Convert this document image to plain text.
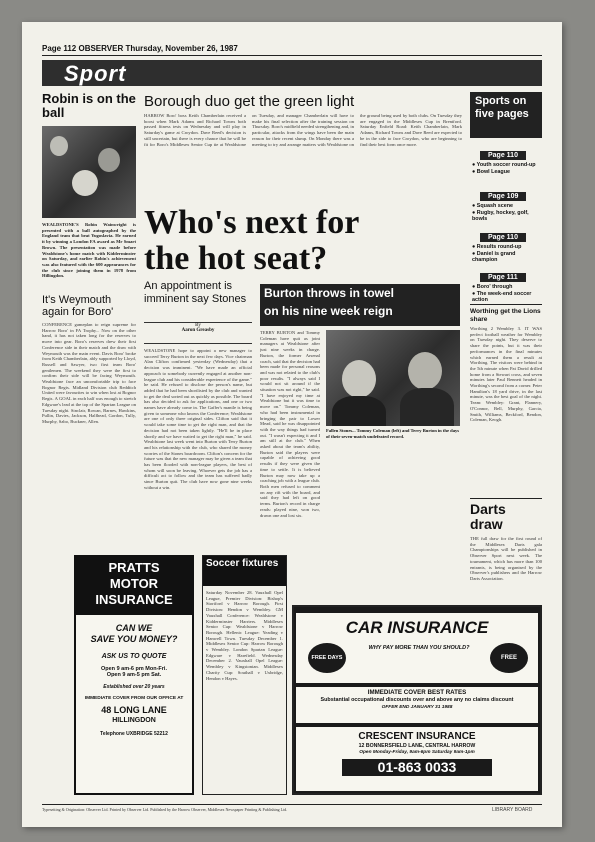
Page 112 OBSERVER Thursday, November 26, 1987
Sport
Robin is on the ball
WEALDSTONE'S Robin Wainwright is presented with a ball autographed by the England team that beat Yugoslavia. He earned it by winning a London FA award as Mr Smart Brown. The presentation was made before Wealdstone's home match with Kidderminster on Saturday, and earlier Robin's achievement was also featured with the 600 appearances for the club since joining them in 1978 from Hillingdon.
It's Weymouth again for Boro'
CONFERENCE gameplan to reign supreme for Harrow Boro' in FA Trophy... Now on the other hand, it has not taken long for the reserves to move into gear. Boro's reserves drew their first Conference side in their match and the draw with Weymouth was the main event. Davis Boro' broke from Keith Chamberlain, ably supported by Lloyd, Russell and Sawyer, two first team Boro' gentlemen. The weekend they were the first to confirm their side will be facing Weymouth. Wealdstone face an uncomfortable trip to face Bognor Regis. Midland Division club Redditch United were favourites to win when lost at Bognor Regis. A GOAL in each half was enough to stretch Edgware's lead at the top of the Spartan League on Tuesday night. Sinclair, Rowan, Barnes, Hawkins, Pullin, Davies, Jackson, Halfhead, Gordon, Tully, Murphy, Sabo, Buckner, Allen.
Borough duo get the green light
HARROW Boro' boss Keith Chamberlain received a boost when Mark Adams and Richard Towns both passed fitness tests on Wednesday and will play in Saturday's game at Croydon. Dave Reed's decision is still uncertain, but there is every chance that he will be fit for Boro's Middlesex Senior Cup tie at Wealdstone on Tuesday, and manager Chamberlain will have to make his final selection after the training session on Thursday. Boro's midfield needed strengthening and, in particular, attacks from the wings have been the main reason for their recent slump. On Monday there was a meeting to try and arrange matters with Wealdstone on the ground being used by both clubs. On Tuesday they are engaged in the Middlesex Cup in Brentford. Saturday Enfield Road: Keith Chamberlain, Mark Adams, Richard Towns and Dave Reed are expected to be in the side to face Croydon, who are beginning to find their best form once more.
Who's next for
the hot seat?
An appointment is imminent say Stones
By
Aaron Greasby
WEALDSTONE hope to appoint a new manager to succeed Terry Burton in the next few days. Vice chairman Alan Clifton confirmed yesterday (Wednesday) that a decision was imminent. "We have made an official approach to somebody currently engaged at another non-league club and his considerable experience of the game." he said. He refused to disclose the person's name, but added that he had been shortlisted by the club and wanted to get the deal sorted out as quickly as possible. The board has also decided to ask for applications, and one or two names have already come in. The Gaffer's mantle is being given to someone who knows the Conference; Wealdstone are one of only three original sides. Clifton said that it would take some time to get the right man, and that the decision had not been taken lightly. "He'll be in place shortly and we have waited to get the right man," he said. Wealdstone last week went into Burton with Terry Burton and his relationship with the club, who shared the money worries of the Stones boardroom. Clifton's concern for the future was that the new manager may be given a team that has been flooded with non-league players, the best of whom will soon be leaving. Whoever gets the job has a difficult act to follow and the team has suffered badly since Burton quit. The club have now gone nine weeks without a win.
Burton throws in towel
on his nine week reign
TERRY BURTON and Tommy Coleman have quit as joint managers at Wealdstone after just nine weeks in charge. Burton, the former Arsenal coach, said that the decision had been made for personal reasons and was not related to the club's poor results. "I always said I would not sit around if the situation was not right," he said. "I have enjoyed my time at Wealdstone but it was time to move on." Tommy Coleman, who had been instrumental in bringing the pair to Lower Mead, said he was disappointed with the way things had turned out. "I wasn't expecting it and I am still at the club." When asked about the team's ability, Burton said the players were capable of achieving good results if they were given the time to settle. It is believed Burton may now take up a coaching job with a league club. Both men refused to comment on any rift with the board, and said they had left on good terms. Burton's record in charge reads: played nine, won two, drawn one and lost six.
Fallen Stones... Tommy Coleman (left) and Terry Burton in the days of their seven-match undefeated record.
Sports on five pages
Page 110
● Youth soccer round-up
● Bowl League
Page 109
● Squash scene
● Rugby, hockey, golf, bowls
Page 110
● Results round-up
● Daniel is grand champion
Page 111
● Boro' through
● The week-end soccer action
Worthing get the Lions share
Worthing 2 Wembley 3. IT WAS perfect football weather for Wembley on Tuesday night. They deserve to share the points, but it was their performances in the final minutes which earned them a result at Worthing. The visitors were behind in the 5th minute when Pat David drilled home from a Stewart cross, and seven minutes later Paul Bennett headed in Worthing's second from a corner. Peter Hamilton's 18 yard drive, in the last minute, was the best goal of the night. Team: Wembley: Grant, Flannery, O'Connor, Bell, Murphy, Garcia, Smith, Williams, Beckford, Bendon, Coleman, Keogh.
Darts draw
THE full draw for the first round of the Middlesex Darts gala Championships will be published in Observer Sport next week. The tournament, which has more than 100 entrants, is being organised by the Observer's publishers and the Harrow Darts Association.
PRATTS
MOTOR
INSURANCE
CAN WE
SAVE YOU MONEY?
ASK US TO QUOTE
Open 9 am-6 pm Mon-Fri.
Open 9 am-5 pm Sat.
Established over 20 years
IMMEDIATE COVER FROM OUR OFFICE AT
48 LONG LANE
HILLINGDON
Telephone UXBRIDGE 52212
Soccer fixtures
Saturday November 28. Vauxhall Opel League, Premier Division: Bishop's Stortford v Harrow Borough. First Division: Hendon v Wembley. GM Vauxhall Conference: Wealdstone v Kidderminster Harriers. Middlesex Senior Cup: Wealdstone v Harrow Borough. Hellenic League: Yeading v Hanwell Town. Tuesday December 1. Middlesex Senior Cup: Harrow Borough v Wembley. London Spartan League: Edgware v Harefield. Wednesday December 2. Vauxhall Opel League: Wembley v Kingstonian. Middlesex Charity Cup: Southall v Uxbridge, Hendon v Hayes.
CAR INSURANCE
FREE DAYS
WHY PAY MORE THAN YOU SHOULD?
FREE
IMMEDIATE COVER BEST RATES
Substantial occupational discounts over and above any no claims discount
OFFER END JANUARY 31 1988
CRESCENT INSURANCE
12 BONNERSFIELD LANE, CENTRAL HARROW
Open Monday-Friday, 9am-6pm Saturday 9am-1pm
01-863 0033
Typesetting & Origination: Observer Ltd. Printed by Observer Ltd. Published by the Harrow Observer, Middlesex Newspaper Printing & Publishing Ltd.	LIBRARY BOARD
